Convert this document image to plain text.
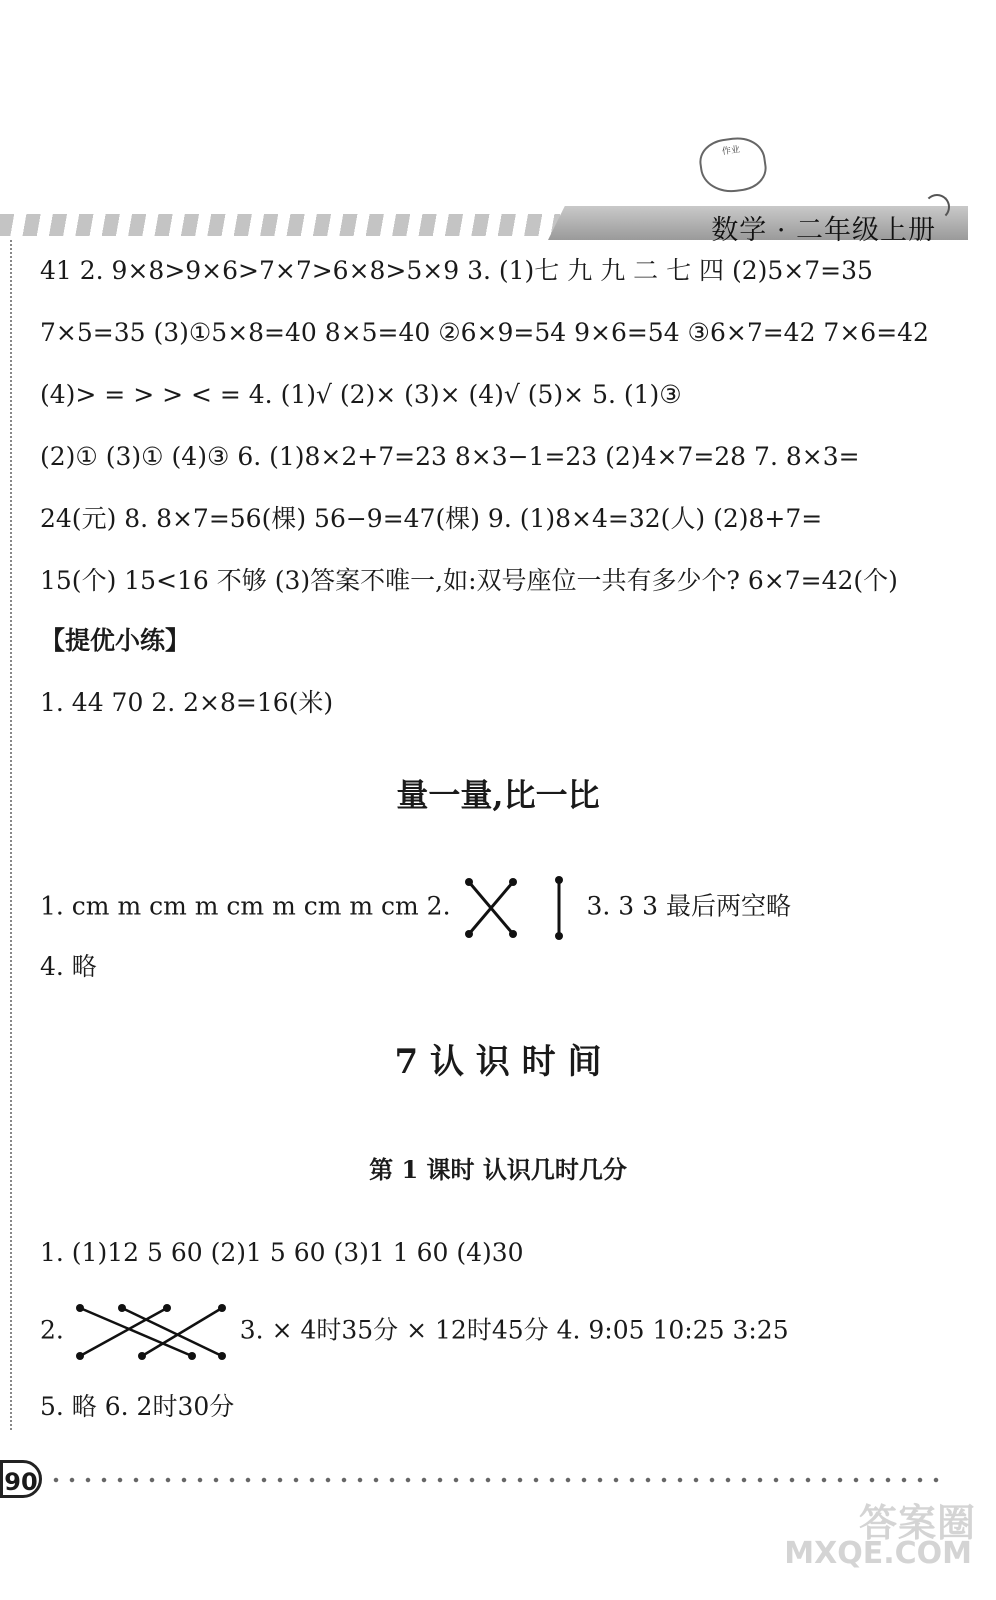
作业
数学 · 二年级上册
41 2. 9×8>9×6>7×7>6×8>5×9 3. (1)七 九 九 二 七 四 (2)5×7=35
7×5=35 (3)①5×8=40 8×5=40 ②6×9=54 9×6=54 ③6×7=42 7×6=42
(4)> = > > < = 4. (1)√ (2)× (3)× (4)√ (5)× 5. (1)③
(2)① (3)① (4)③ 6. (1)8×2+7=23 8×3−1=23 (2)4×7=28 7. 8×3=
24(元) 8. 8×7=56(棵) 56−9=47(棵) 9. (1)8×4=32(人) (2)8+7=
15(个) 15<16 不够 (3)答案不唯一,如:双号座位一共有多少个? 6×7=42(个)
【提优小练】
1. 44 70 2. 2×8=16(米)
量一量,比一比
1. cm m cm m cm m cm m cm 2.	3. 3 3 最后两空略
4. 略
7 认 识 时 间
第 1 课时 认识几时几分
1. (1)12 5 60 (2)1 5 60 (3)1 1 60 (4)30
2.	3. × 4时35分 × 12时45分 4. 9:05 10:25 3:25
5. 略 6. 2时30分
90
答案圈
MXQE.COM
